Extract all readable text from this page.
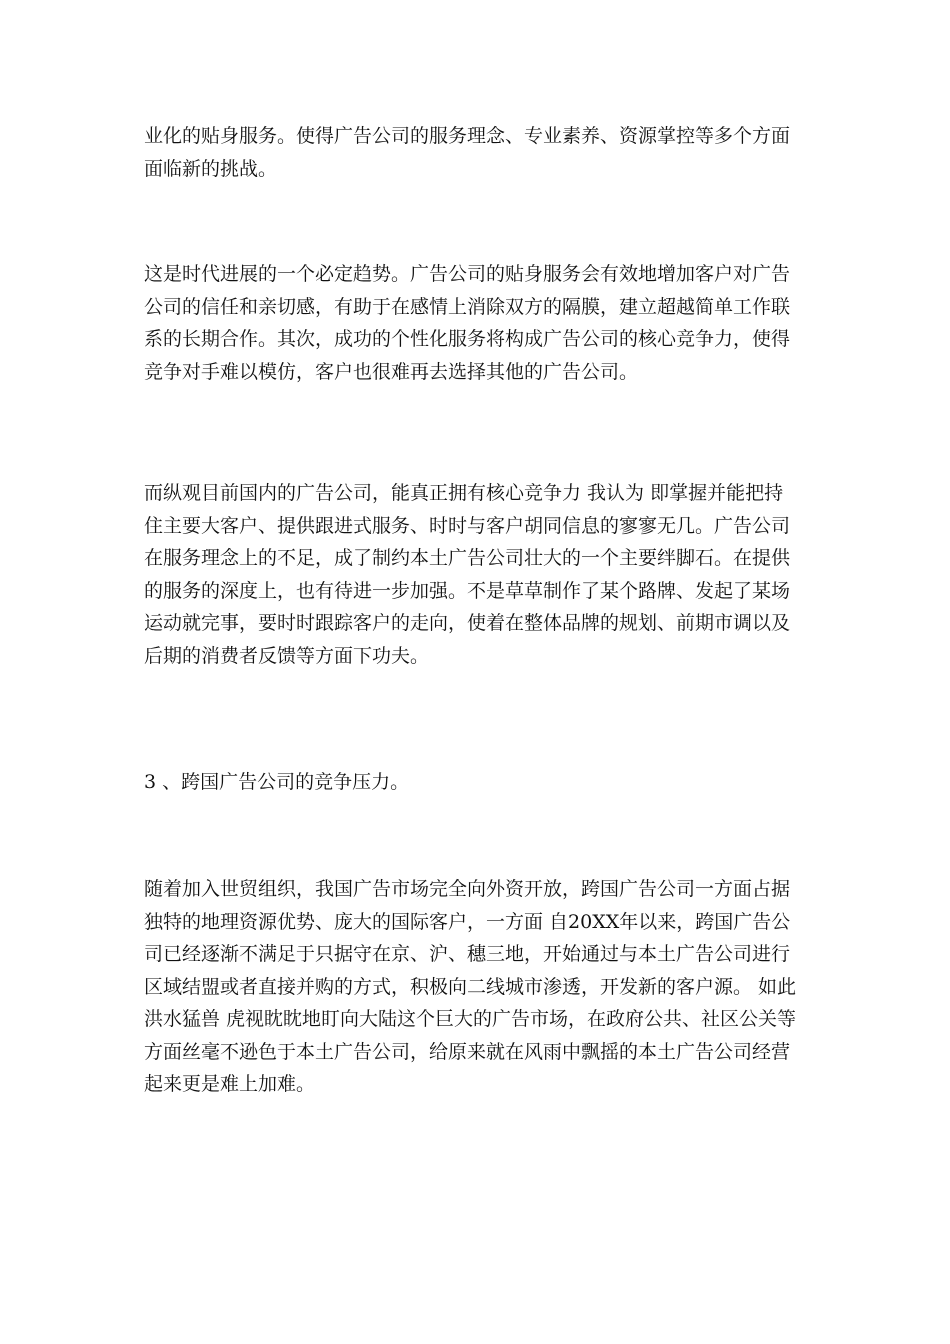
业化的贴身服务。使得广告公司的服务理念、专业素养、资源掌控等多个方面
面临新的挑战。

这是时代进展的一个必定趋势。广告公司的贴身服务会有效地增加客户对广告
公司的信任和亲切感，有助于在感情上消除双方的隔膜，建立超越简单工作联
系的长期合作。其次，成功的个性化服务将构成广告公司的核心竞争力，使得
竞争对手难以模仿，客户也很难再去选择其他的广告公司。

而纵观目前国内的广告公司，能真正拥有核心竞争力 我认为 即掌握并能把持
住主要大客户、提供跟进式服务、时时与客户胡同信息的寥寥无几。广告公司
在服务理念上的不足，成了制约本土广告公司壮大的一个主要绊脚石。在提供
的服务的深度上，也有待进一步加强。不是草草制作了某个路牌、发起了某场
运动就完事，要时时跟踪客户的走向，使着在整体品牌的规划、前期市调以及
后期的消费者反馈等方面下功夫。

3 、跨国广告公司的竞争压力。

随着加入世贸组织，我国广告市场完全向外资开放，跨国广告公司一方面占据
独特的地理资源优势、庞大的国际客户，一方面 自20XX年以来，跨国广告公
司已经逐渐不满足于只据守在京、沪、穗三地，开始通过与本土广告公司进行
区域结盟或者直接并购的方式，积极向二线城市渗透，开发新的客户源。 如此
洪水猛兽 虎视眈眈地盯向大陆这个巨大的广告市场，在政府公共、社区公关等
方面丝毫不逊色于本土广告公司，给原来就在风雨中飘摇的本土广告公司经营
起来更是难上加难。
